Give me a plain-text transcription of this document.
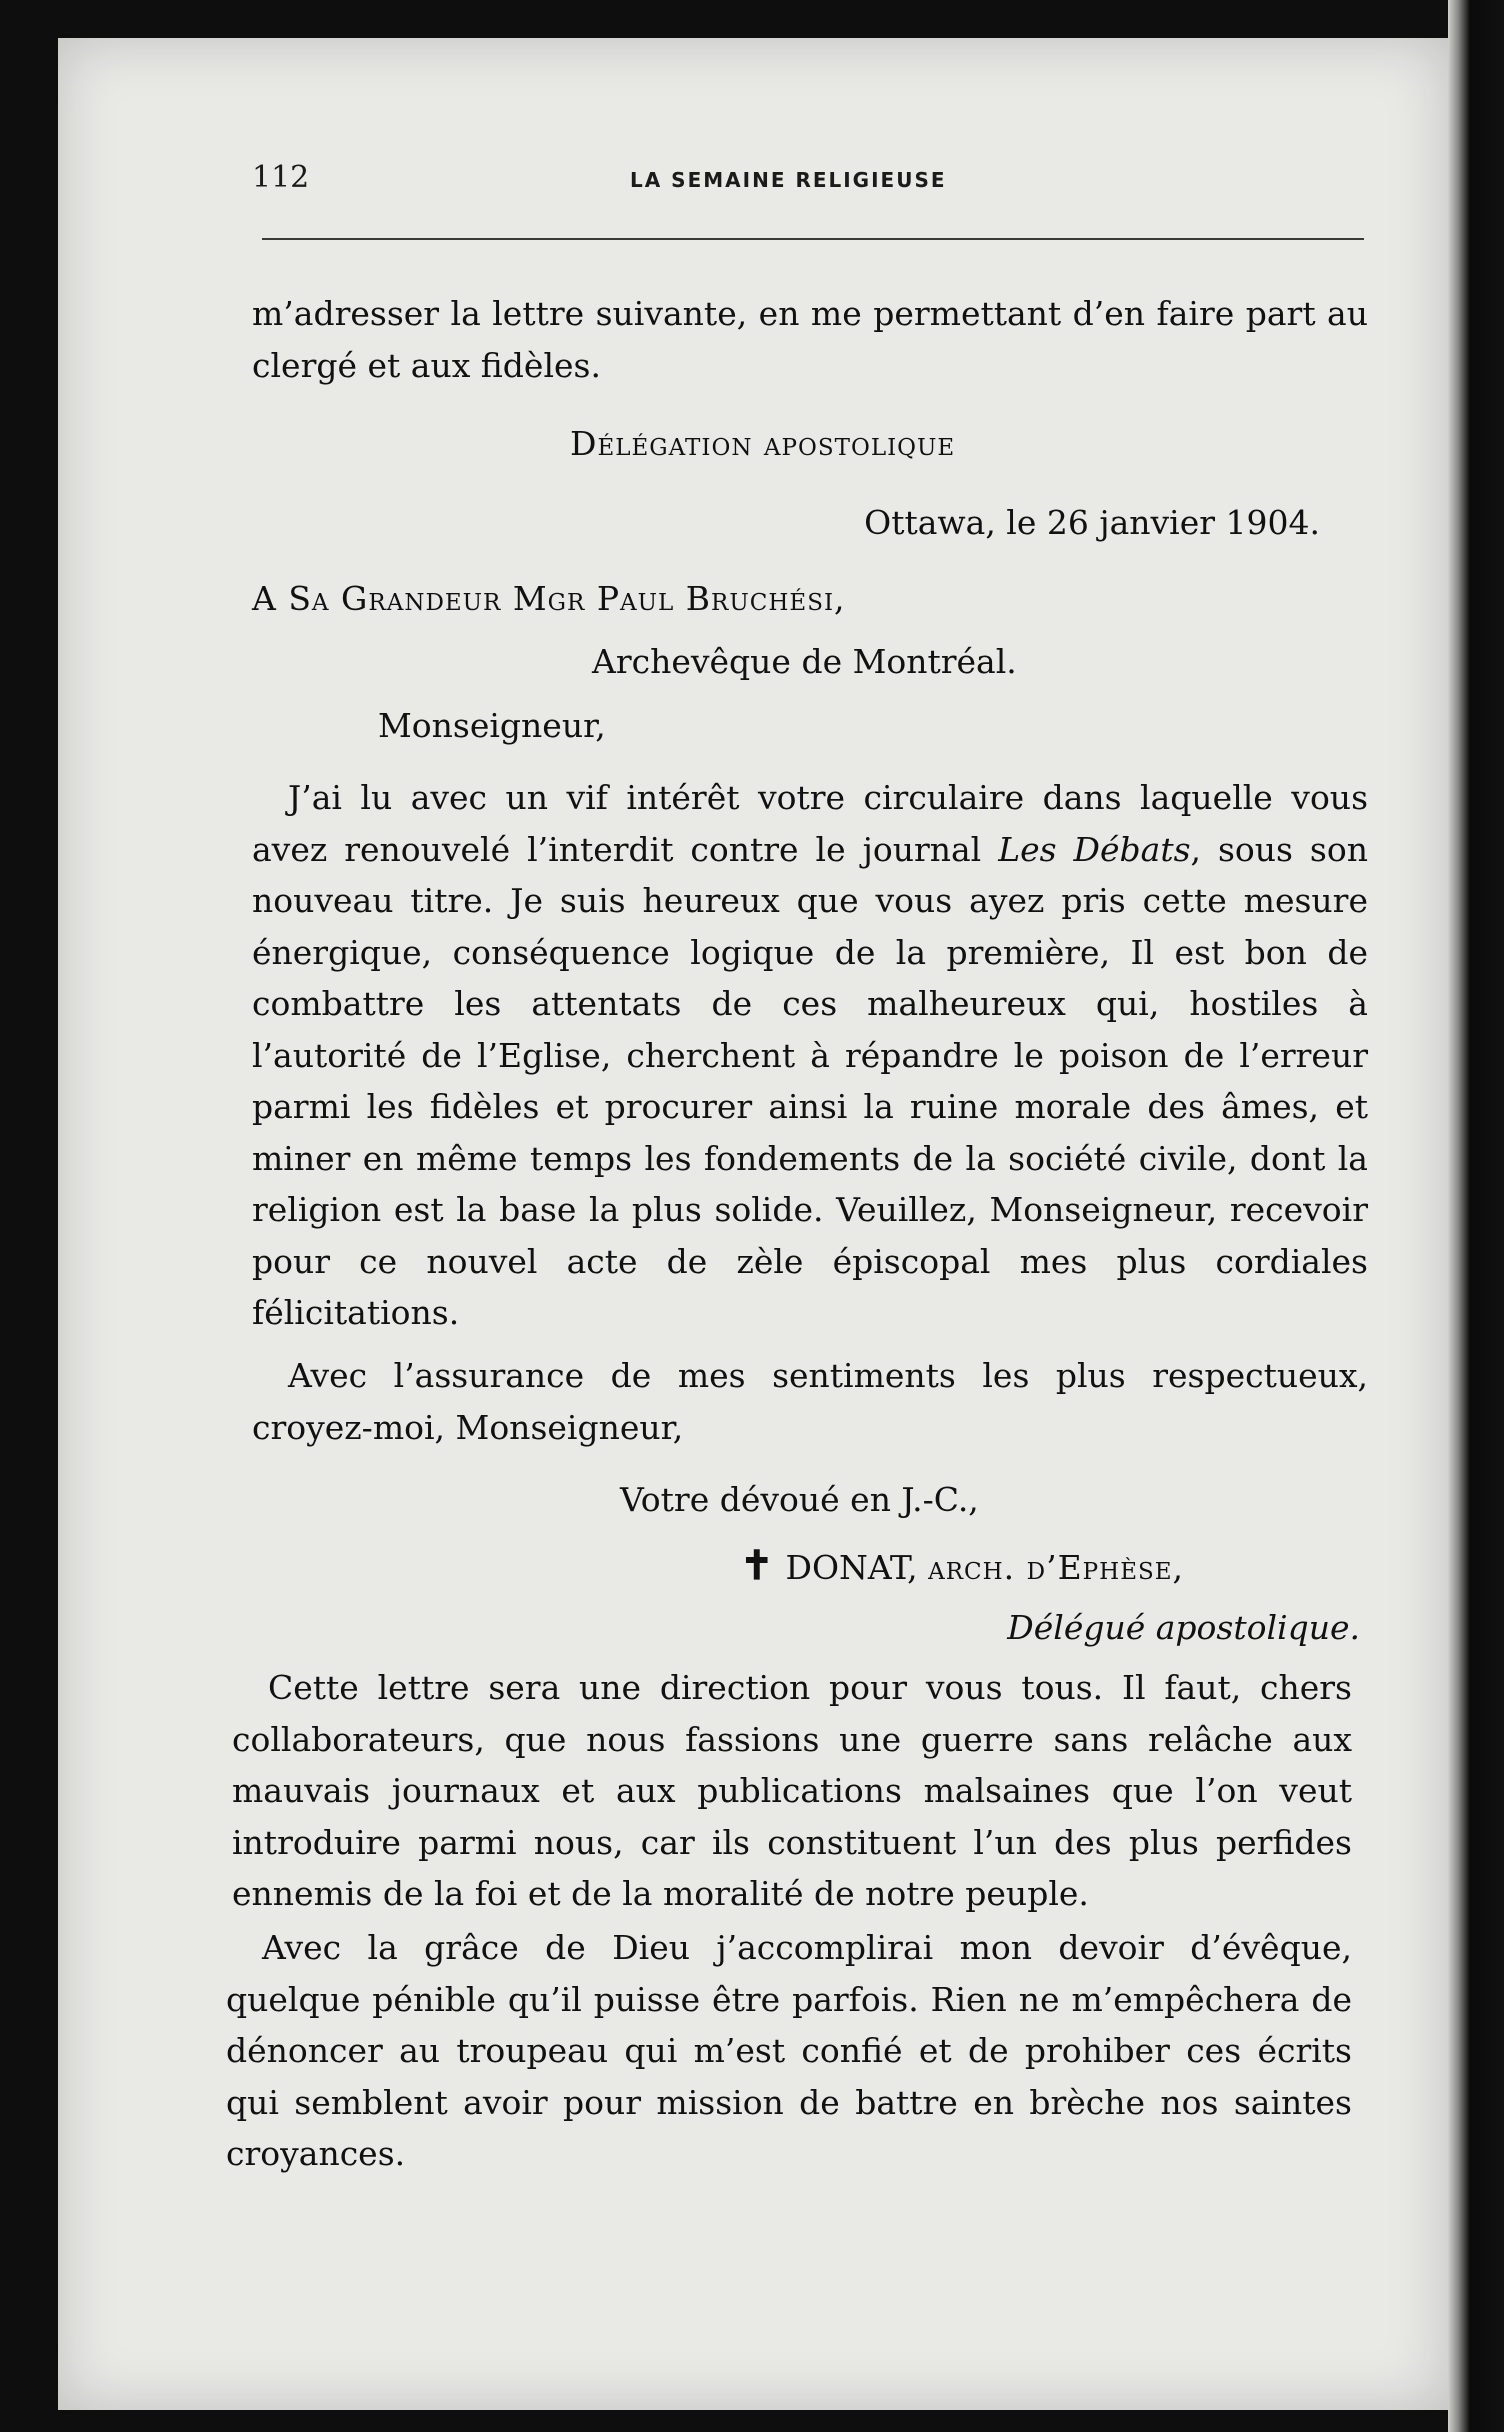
112	LA SEMAINE RELIGIEUSE

m’adresser la lettre suivante, en me permettant d’en faire part au clergé et aux fidèles.

Délégation apostolique

Ottawa, le 26 janvier 1904.

A Sa Grandeur Mgr Paul Bruchési,

Archevêque de Montréal.

Monseigneur,

J’ai lu avec un vif intérêt votre circulaire dans laquelle vous avez renouvelé l’interdit contre le journal Les Débats, sous son nouveau titre. Je suis heureux que vous ayez pris cette mesure énergique, conséquence logique de la première, Il est bon de combattre les attentats de ces malheureux qui, hostiles à l’autorité de l’Eglise, cherchent à répandre le poison de l’erreur parmi les fidèles et procurer ainsi la ruine morale des âmes, et miner en même temps les fondements de la société civile, dont la religion est la base la plus solide. Veuillez, Monseigneur, recevoir pour ce nouvel acte de zèle épiscopal mes plus cordiales félicitations.

Avec l’assurance de mes sentiments les plus respectueux, croyez-moi, Monseigneur,

Votre dévoué en J.-C.,

✝ DONAT, arch. d’Ephèse,

Délégué apostolique.

Cette lettre sera une direction pour vous tous. Il faut, chers collaborateurs, que nous fassions une guerre sans relâche aux mauvais journaux et aux publications malsaines que l’on veut introduire parmi nous, car ils constituent l’un des plus perfides ennemis de la foi et de la moralité de notre peuple.

Avec la grâce de Dieu j’accomplirai mon devoir d’évêque, quelque pénible qu’il puisse être parfois. Rien ne m’empêchera de dénoncer au troupeau qui m’est confié et de prohiber ces écrits qui semblent avoir pour mission de battre en brèche nos saintes croyances.
